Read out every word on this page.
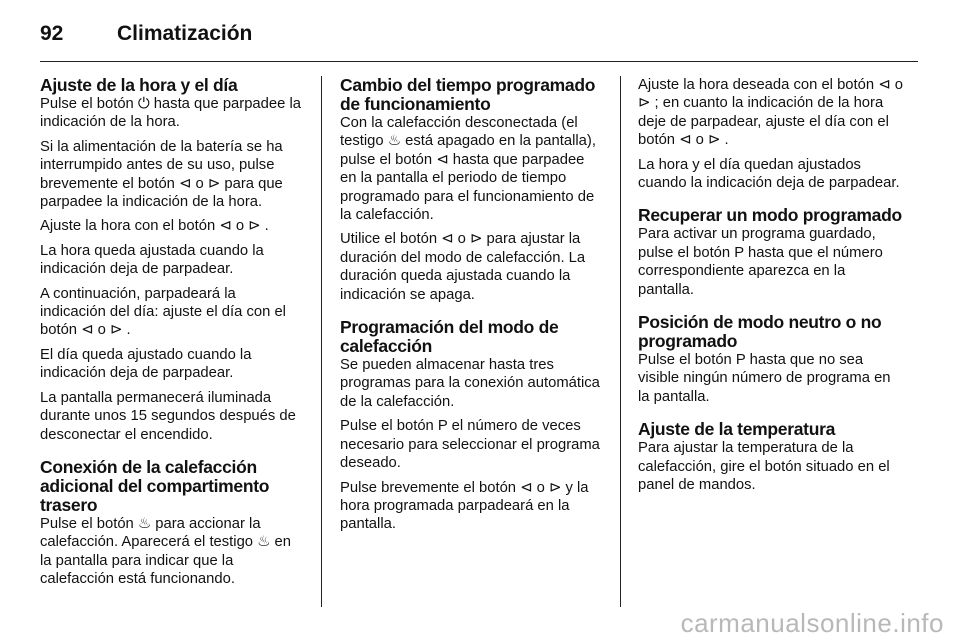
92	Climatización
Ajuste de la hora y el día

Pulse el botón ⏻ hasta que parpadee la indicación de la hora.

Si la alimentación de la batería se ha interrumpido antes de su uso, pulse brevemente el botón ⊲ o ⊳ para que parpadee la indicación de la hora.

Ajuste la hora con el botón ⊲ o ⊳ .

La hora queda ajustada cuando la indicación deja de parpadear.

A continuación, parpadeará la indicación del día: ajuste el día con el botón ⊲ o ⊳ .

El día queda ajustado cuando la indicación deja de parpadear.

La pantalla permanecerá iluminada durante unos 15 segundos después de desconectar el encendido.

Conexión de la calefacción adicional del compartimento trasero

Pulse el botón ♨ para accionar la calefacción. Aparecerá el testigo ♨ en la pantalla para indicar que la calefacción está funcionando.

Cambio del tiempo programado de funcionamiento

Con la calefacción desconectada (el testigo ♨ está apagado en la pantalla), pulse el botón ⊲ hasta que parpadee en la pantalla el periodo de tiempo programado para el funcionamiento de la calefacción.

Utilice el botón ⊲ o ⊳ para ajustar la duración del modo de calefacción. La duración queda ajustada cuando la indicación se apaga.

Programación del modo de calefacción

Se pueden almacenar hasta tres programas para la conexión automática de la calefacción.

Pulse el botón P el número de veces necesario para seleccionar el programa deseado.

Pulse brevemente el botón ⊲ o ⊳ y la hora programada parpadeará en la pantalla.

Ajuste la hora deseada con el botón ⊲ o ⊳ ; en cuanto la indicación de la hora deje de parpadear, ajuste el día con el botón ⊲ o ⊳ .

La hora y el día quedan ajustados cuando la indicación deja de parpadear.

Recuperar un modo programado

Para activar un programa guardado, pulse el botón P hasta que el número correspondiente aparezca en la pantalla.

Posición de modo neutro o no programado

Pulse el botón P hasta que no sea visible ningún número de programa en la pantalla.

Ajuste de la temperatura

Para ajustar la temperatura de la calefacción, gire el botón situado en el panel de mandos.

carmanualsonline.info
